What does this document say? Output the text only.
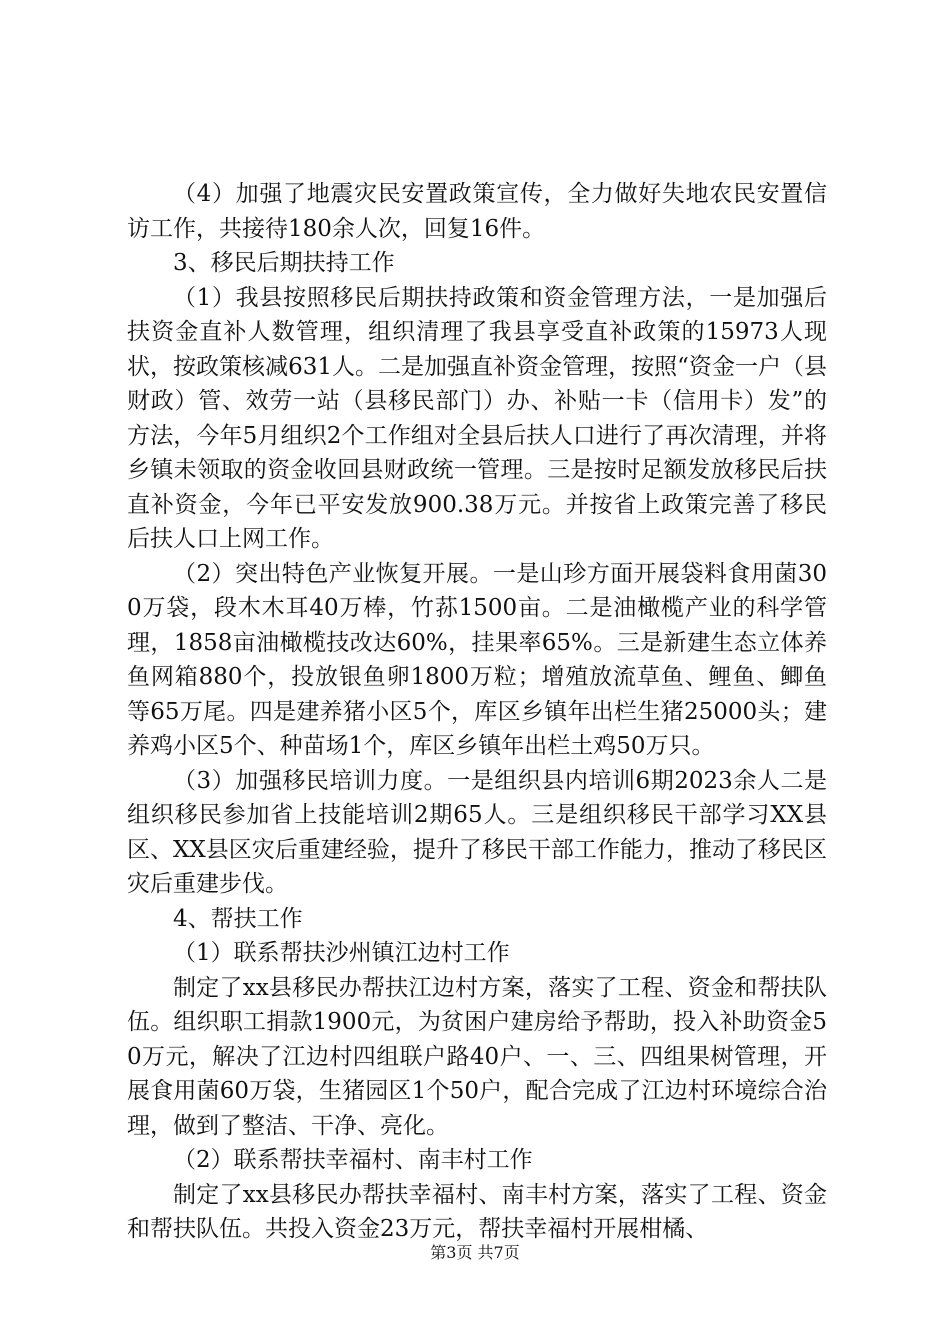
（4）加强了地震灾民安置政策宣传，全力做好失地农民安置信访工作，共接待180余人次，回复16件。

3、移民后期扶持工作

（1）我县按照移民后期扶持政策和资金管理方法，一是加强后扶资金直补人数管理，组织清理了我县享受直补政策的15973人现状，按政策核减631人。二是加强直补资金管理，按照“资金一户（县财政）管、效劳一站（县移民部门）办、补贴一卡（信用卡）发”的方法，今年5月组织2个工作组对全县后扶人口进行了再次清理，并将乡镇未领取的资金收回县财政统一管理。三是按时足额发放移民后扶直补资金，今年已平安发放900.38万元。并按省上政策完善了移民后扶人口上网工作。

（2）突出特色产业恢复开展。一是山珍方面开展袋料食用菌300万袋，段木木耳40万棒，竹荪1500亩。二是油橄榄产业的科学管理，1858亩油橄榄技改达60%，挂果率65%。三是新建生态立体养鱼网箱880个，投放银鱼卵1800万粒；增殖放流草鱼、鲤鱼、鲫鱼等65万尾。四是建养猪小区5个，库区乡镇年出栏生猪25000头；建养鸡小区5个、种苗场1个，库区乡镇年出栏土鸡50万只。

（3）加强移民培训力度。一是组织县内培训6期2023余人二是组织移民参加省上技能培训2期65人。三是组织移民干部学习XX县区、XX县区灾后重建经验，提升了移民干部工作能力，推动了移民区灾后重建步伐。

4、帮扶工作

（1）联系帮扶沙州镇江边村工作

制定了xx县移民办帮扶江边村方案，落实了工程、资金和帮扶队伍。组织职工捐款1900元，为贫困户建房给予帮助，投入补助资金50万元，解决了江边村四组联户路40户、一、三、四组果树管理，开展食用菌60万袋，生猪园区1个50户，配合完成了江边村环境综合治理，做到了整洁、干净、亮化。

（2）联系帮扶幸福村、南丰村工作

制定了xx县移民办帮扶幸福村、南丰村方案，落实了工程、资金和帮扶队伍。共投入资金23万元，帮扶幸福村开展柑橘、

第3页 共7页
